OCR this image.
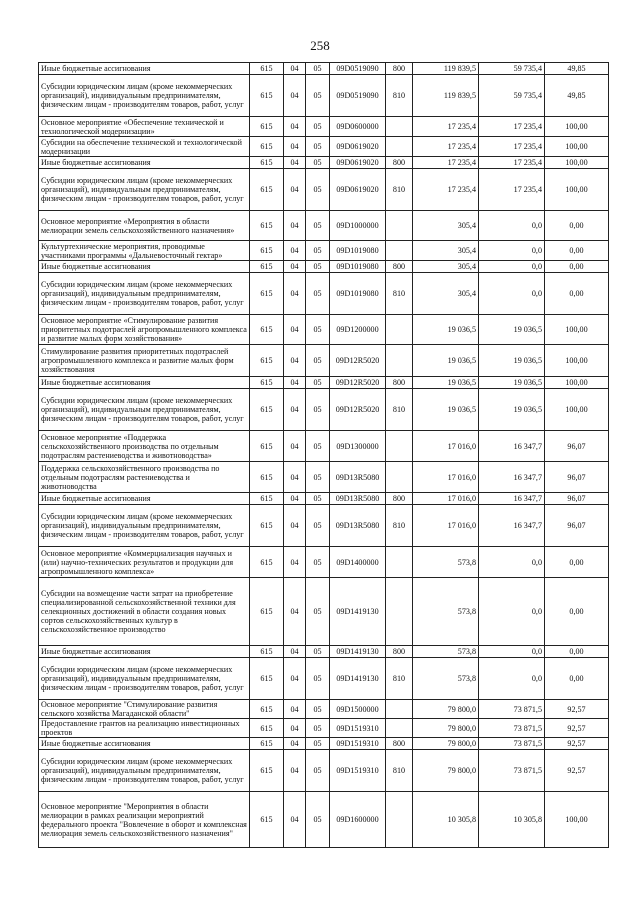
258
Иные бюджетные ассигнования	615	04	05	09D0519090	800	119 839,5	59 735,4	49,85
Субсидии юридическим лицам (кроме некоммерческих организаций), индивидуальным предпринимателям, физическим лицам - производителям товаров, работ, услуг	615	04	05	09D0519090	810	119 839,5	59 735,4	49,85
Основное мероприятие «Обеспечение технической и технологической модернизации»	615	04	05	09D0600000		17 235,4	17 235,4	100,00
Субсидии на обеспечение технической и технологической модернизации	615	04	05	09D0619020		17 235,4	17 235,4	100,00
Иные бюджетные ассигнования	615	04	05	09D0619020	800	17 235,4	17 235,4	100,00
Субсидии юридическим лицам (кроме некоммерческих организаций), индивидуальным предпринимателям, физическим лицам - производителям товаров, работ, услуг	615	04	05	09D0619020	810	17 235,4	17 235,4	100,00
Основное мероприятие «Мероприятия в области мелиорации земель сельскохозяйственного назначения»	615	04	05	09D1000000		305,4	0,0	0,00
Культуртехнические мероприятия, проводимые участниками программы «Дальневосточный гектар»	615	04	05	09D1019080		305,4	0,0	0,00
Иные бюджетные ассигнования	615	04	05	09D1019080	800	305,4	0,0	0,00
Субсидии юридическим лицам (кроме некоммерческих организаций), индивидуальным предпринимателям, физическим лицам - производителям товаров, работ, услуг	615	04	05	09D1019080	810	305,4	0,0	0,00
Основное мероприятие «Стимулирование развития приоритетных подотраслей агропромышленного комплекса и развитие малых форм хозяйствования»	615	04	05	09D1200000		19 036,5	19 036,5	100,00
Стимулирование развития приоритетных подотраслей агропромышленного комплекса и развитие малых форм хозяйствования	615	04	05	09D12R5020		19 036,5	19 036,5	100,00
Иные бюджетные ассигнования	615	04	05	09D12R5020	800	19 036,5	19 036,5	100,00
Субсидии юридическим лицам (кроме некоммерческих организаций), индивидуальным предпринимателям, физическим лицам - производителям товаров, работ, услуг	615	04	05	09D12R5020	810	19 036,5	19 036,5	100,00
Основное мероприятие «Поддержка сельскохозяйственного производства по отдельным подотраслям растениеводства и животноводства»	615	04	05	09D1300000		17 016,0	16 347,7	96,07
Поддержка сельскохозяйственного производства по отдельным подотраслям растениеводства и животноводства	615	04	05	09D13R5080		17 016,0	16 347,7	96,07
Иные бюджетные ассигнования	615	04	05	09D13R5080	800	17 016,0	16 347,7	96,07
Субсидии юридическим лицам (кроме некоммерческих организаций), индивидуальным предпринимателям, физическим лицам - производителям товаров, работ, услуг	615	04	05	09D13R5080	810	17 016,0	16 347,7	96,07
Основное мероприятие «Коммерциализация научных и (или) научно-технических результатов и продукции для агропромышленного комплекса»	615	04	05	09D1400000		573,8	0,0	0,00
Субсидии на возмещение части затрат на приобретение специализированной сельскохозяйственной техники для селекционных достижений в области создания новых сортов сельскохозяйственных культур в сельскохозяйственное производство	615	04	05	09D1419130		573,8	0,0	0,00
Иные бюджетные ассигнования	615	04	05	09D1419130	800	573,8	0,0	0,00
Субсидии юридическим лицам (кроме некоммерческих организаций), индивидуальным предпринимателям, физическим лицам - производителям товаров, работ, услуг	615	04	05	09D1419130	810	573,8	0,0	0,00
Основное мероприятие "Стимулирование развития сельского хозяйства Магаданской области"	615	04	05	09D1500000		79 800,0	73 871,5	92,57
Предоставление грантов на реализацию инвестиционных проектов	615	04	05	09D1519310		79 800,0	73 871,5	92,57
Иные бюджетные ассигнования	615	04	05	09D1519310	800	79 800,0	73 871,5	92,57
Субсидии юридическим лицам (кроме некоммерческих организаций), индивидуальным предпринимателям, физическим лицам - производителям товаров, работ, услуг	615	04	05	09D1519310	810	79 800,0	73 871,5	92,57
Основное мероприятие "Мероприятия в области мелиорации в рамках реализации мероприятий федерального проекта "Вовлечение в оборот и комплексная мелиорация земель сельскохозяйственного назначения"	615	04	05	09D1600000		10 305,8	10 305,8	100,00
